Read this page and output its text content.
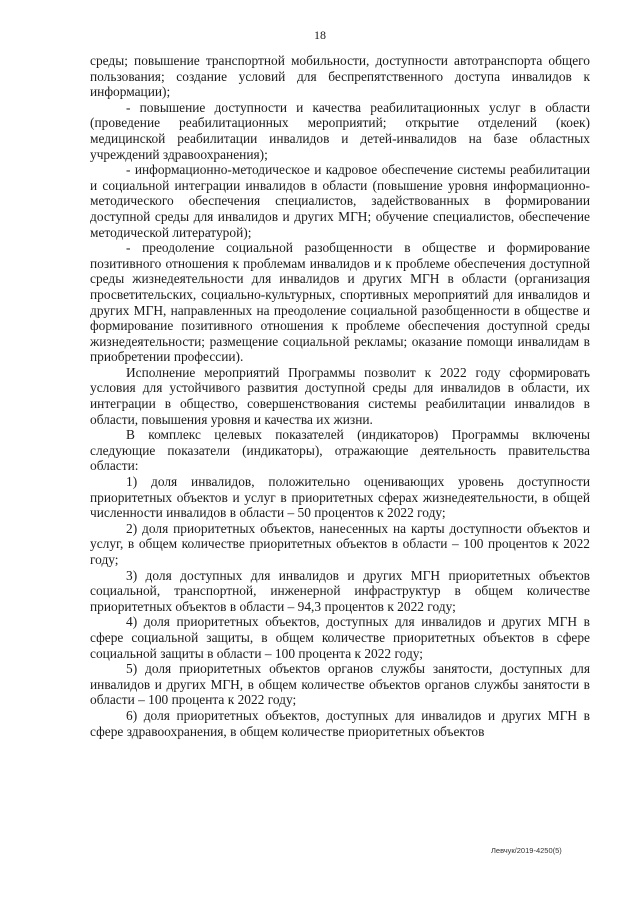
18

среды; повышение транспортной мобильности, доступности автотранспорта общего пользования; создание условий для беспрепятственного доступа инвалидов к информации);

- повышение доступности и качества реабилитационных услуг в области (проведение реабилитационных мероприятий; открытие отделений (коек) медицинской реабилитации инвалидов и детей-инвалидов на базе областных учреждений здравоохранения);

- информационно-методическое и кадровое обеспечение системы реабилитации и социальной интеграции инвалидов в области (повышение уровня информационно-методического обеспечения специалистов, задействованных в формировании доступной среды для инвалидов и других МГН; обучение специалистов, обеспечение методической литературой);

- преодоление социальной разобщенности в обществе и формирование позитивного отношения к проблемам инвалидов и к проблеме обеспечения доступной среды жизнедеятельности для инвалидов и других МГН в области (организация просветительских, социально-культурных, спортивных мероприятий для инвалидов и других МГН, направленных на преодоление социальной разобщенности в обществе и формирование позитивного отношения к проблеме обеспечения доступной среды жизнедеятельности; размещение социальной рекламы; оказание помощи инвалидам в приобретении профессии).

Исполнение мероприятий Программы позволит к 2022 году сформировать условия для устойчивого развития доступной среды для инвалидов в области, их интеграции в общество, совершенствования системы реабилитации инвалидов в области, повышения уровня и качества их жизни.

В комплекс целевых показателей (индикаторов) Программы включены следующие показатели (индикаторы), отражающие деятельность правительства области:

1) доля инвалидов, положительно оценивающих уровень доступности приоритетных объектов и услуг в приоритетных сферах жизнедеятельности, в общей численности инвалидов в области – 50 процентов к 2022 году;

2) доля приоритетных объектов, нанесенных на карты доступности объектов и услуг, в общем количестве приоритетных объектов в области – 100 процентов к 2022 году;

3) доля доступных для инвалидов и других МГН приоритетных объектов социальной, транспортной, инженерной инфраструктур в общем количестве приоритетных объектов в области – 94,3 процентов к 2022 году;

4) доля приоритетных объектов, доступных для инвалидов и других МГН в сфере социальной защиты, в общем количестве приоритетных объектов в сфере социальной защиты в области – 100 процента к 2022 году;

5) доля приоритетных объектов органов службы занятости, доступных для инвалидов и других МГН, в общем количестве объектов органов службы занятости в области – 100 процента к 2022 году;

6) доля приоритетных объектов, доступных для инвалидов и других МГН в сфере здравоохранения, в общем количестве приоритетных объектов

Левчук/2019-4250(5)
